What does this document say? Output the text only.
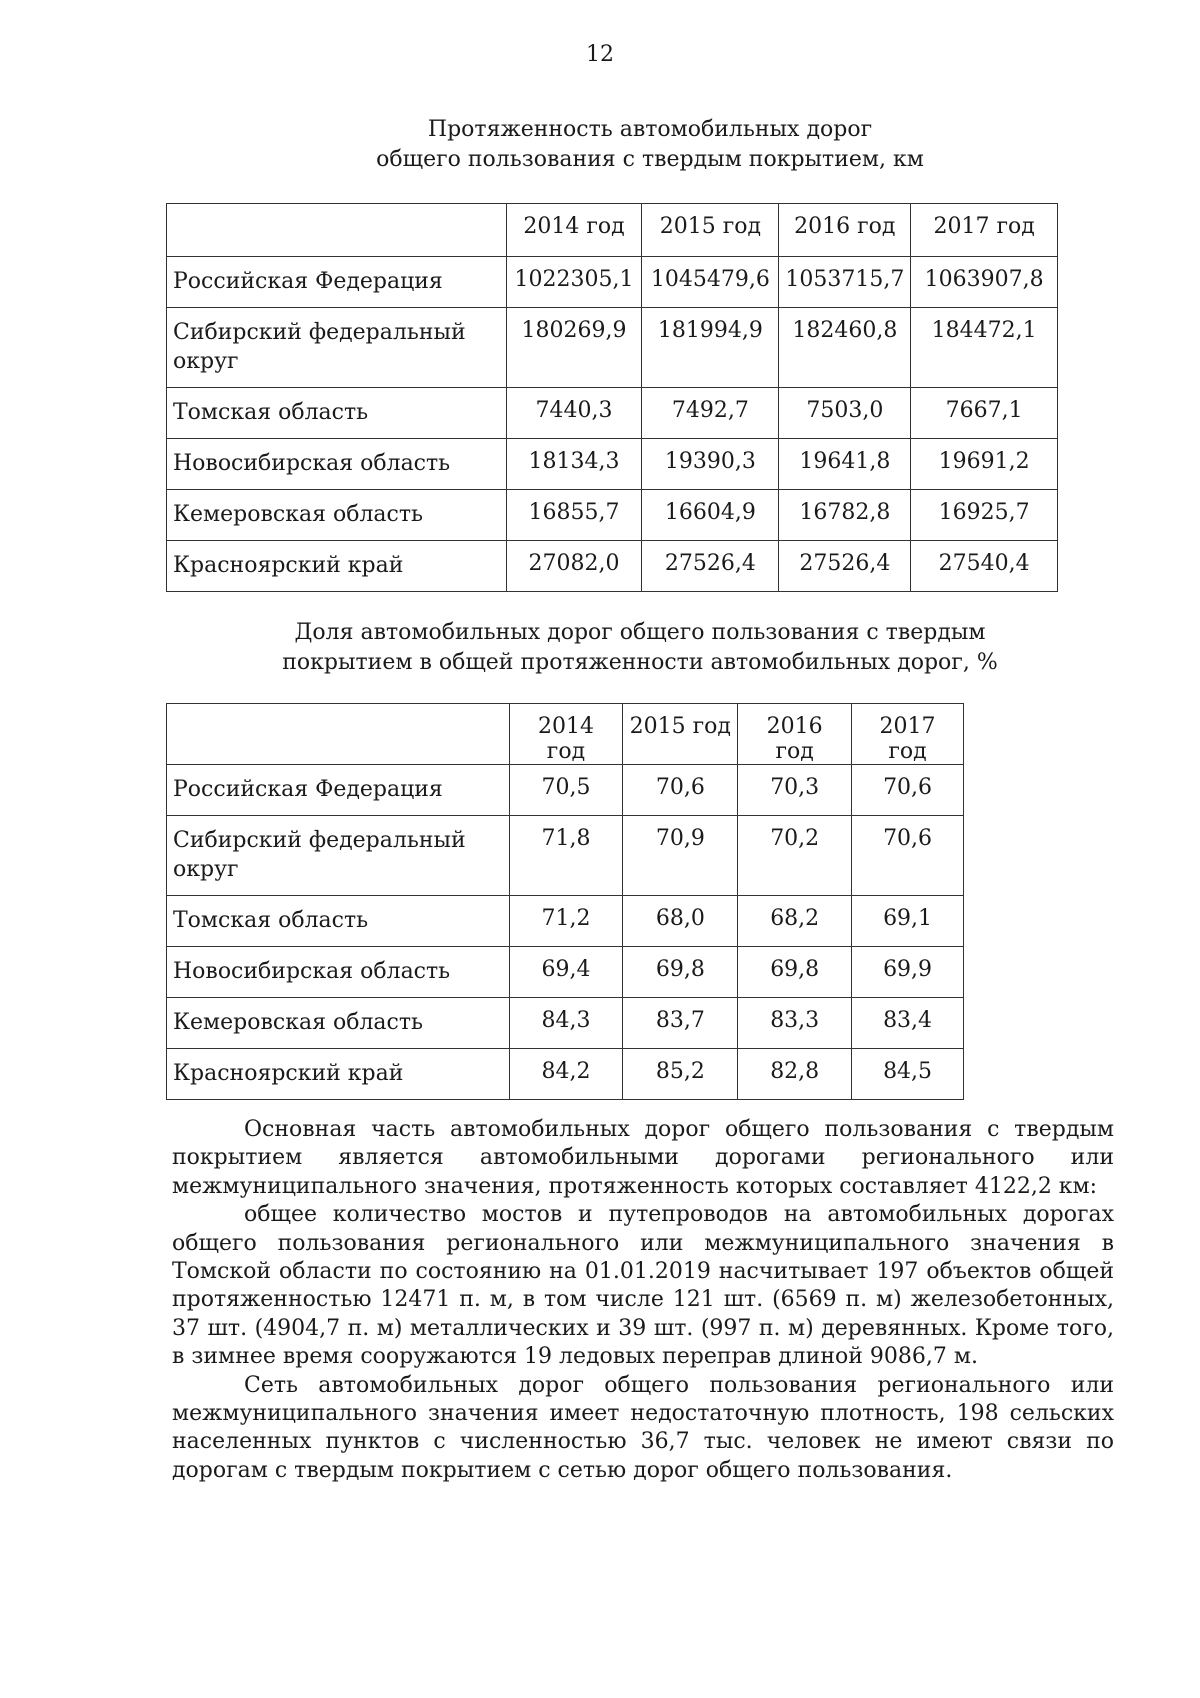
12
Протяженность автомобильных дорог
общего пользования с твердым покрытием, км
	2014 год	2015 год	2016 год	2017 год
Российская Федерация	1022305,1	1045479,6	1053715,7	1063907,8
Сибирский федеральный округ	180269,9	181994,9	182460,8	184472,1
Томская область	7440,3	7492,7	7503,0	7667,1
Новосибирская область	18134,3	19390,3	19641,8	19691,2
Кемеровская область	16855,7	16604,9	16782,8	16925,7
Красноярский край	27082,0	27526,4	27526,4	27540,4
Доля автомобильных дорог общего пользования с твердым
покрытием в общей протяженности автомобильных дорог, %
	2014 год	2015 год	2016 год	2017 год
Российская Федерация	70,5	70,6	70,3	70,6
Сибирский федеральный округ	71,8	70,9	70,2	70,6
Томская область	71,2	68,0	68,2	69,1
Новосибирская область	69,4	69,8	69,8	69,9
Кемеровская область	84,3	83,7	83,3	83,4
Красноярский край	84,2	85,2	82,8	84,5

Основная часть автомобильных дорог общего пользования с твердым покрытием является автомобильными дорогами регионального или межмуниципального значения, протяженность которых составляет 4122,2 км:

общее количество мостов и путепроводов на автомобильных дорогах общего пользования регионального или межмуниципального значения в Томской области по состоянию на 01.01.2019 насчитывает 197 объектов общей протяженностью 12471 п. м, в том числе 121 шт. (6569 п. м) железобетонных, 37 шт. (4904,7 п. м) металлических и 39 шт. (997 п. м) деревянных. Кроме того, в зимнее время сооружаются 19 ледовых переправ длиной 9086,7 м.

Сеть автомобильных дорог общего пользования регионального или межмуниципального значения имеет недостаточную плотность, 198 сельских населенных пунктов с численностью 36,7 тыс. человек не имеют связи по дорогам с твердым покрытием с сетью дорог общего пользования.
